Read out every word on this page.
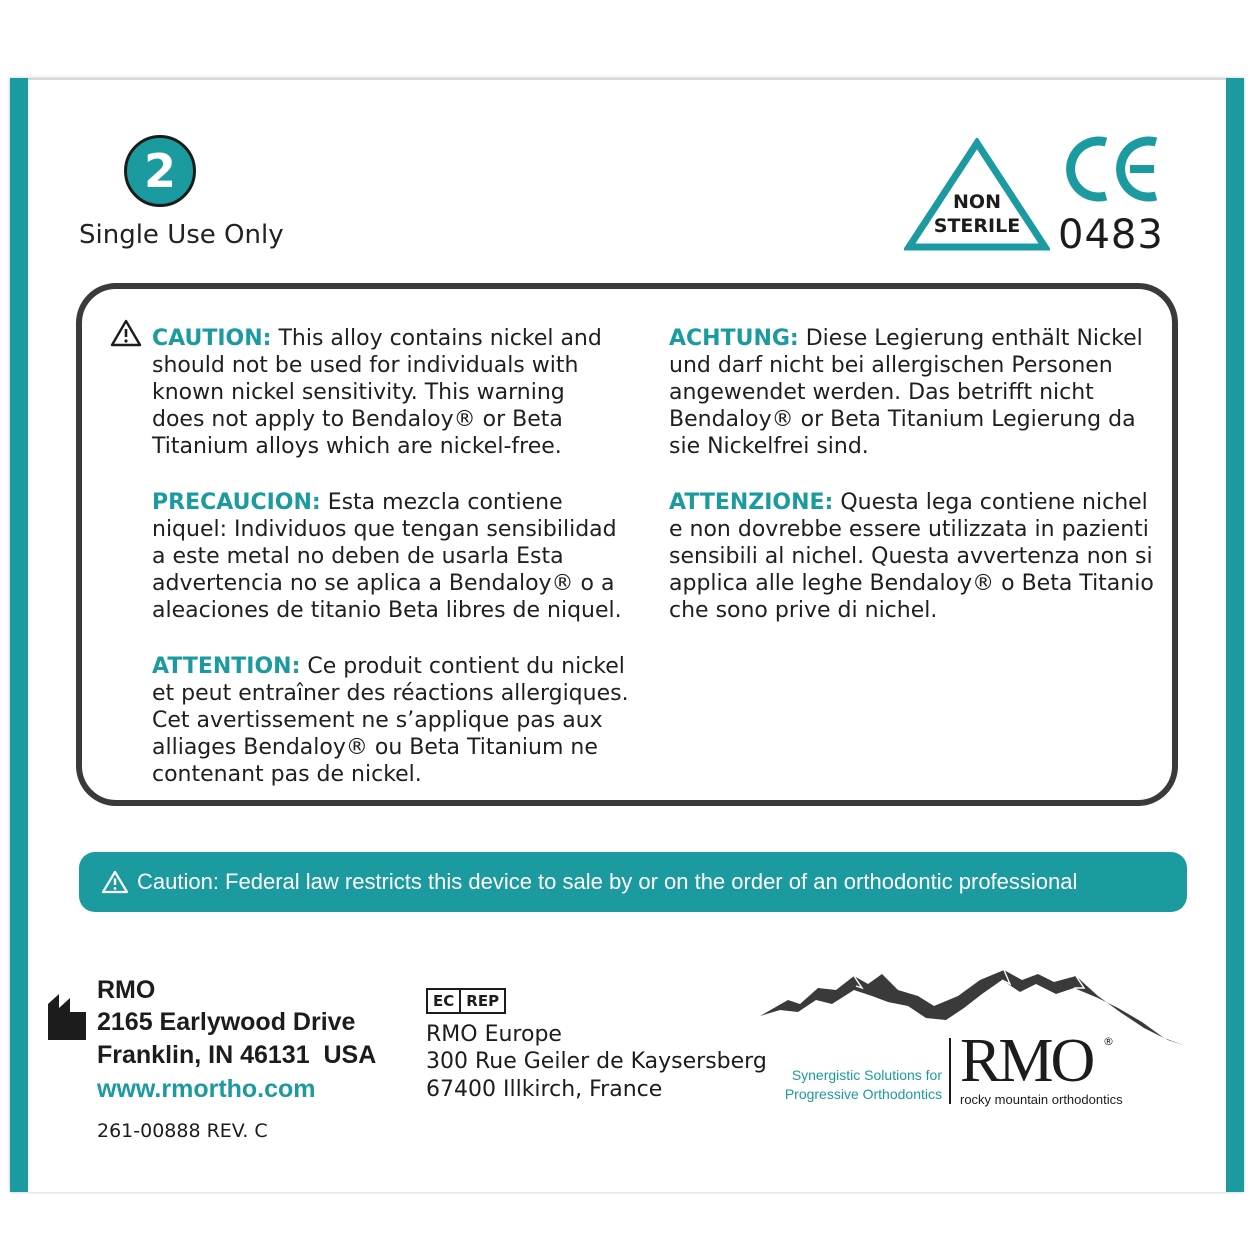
2
Single Use Only
NON
STERILE 0483
CAUTION: This alloy contains nickel and should not be used for individuals with known nickel sensitivity. This warning does not apply to Bendaloy® or Beta Titanium alloys which are nickel-free.
PRECAUCION: Esta mezcla contiene niquel: Individuos que tengan sensibilidad a este metal no deben de usarla Esta advertencia no se aplica a Bendaloy® o a aleaciones de titanio Beta libres de niquel.
ATTENTION: Ce produit contient du nickel et peut entraîner des réactions allergiques. Cet avertissement ne s’applique pas aux alliages Bendaloy® ou Beta Titanium ne contenant pas de nickel.
ACHTUNG: Diese Legierung enthält Nickel und darf nicht bei allergischen Personen angewendet werden. Das betrifft nicht Bendaloy® or Beta Titanium Legierung da sie Nickelfrei sind.
ATTENZIONE: Questa lega contiene nichel e non dovrebbe essere utilizzata in pazienti sensibili al nichel. Questa avvertenza non si applica alle leghe Bendaloy® o Beta Titanio che sono prive di nichel.
Caution: Federal law restricts this device to sale by or on the order of an orthodontic professional
RMO
2165 Earlywood Drive
Franklin, IN 46131  USA
www.rmortho.com
261-00888 REV. C
EC REP
RMO Europe
300 Rue Geiler de Kaysersberg
67400 Illkirch, France
Synergistic Solutions for
Progressive Orthodontics RMO ®
rocky mountain orthodontics
